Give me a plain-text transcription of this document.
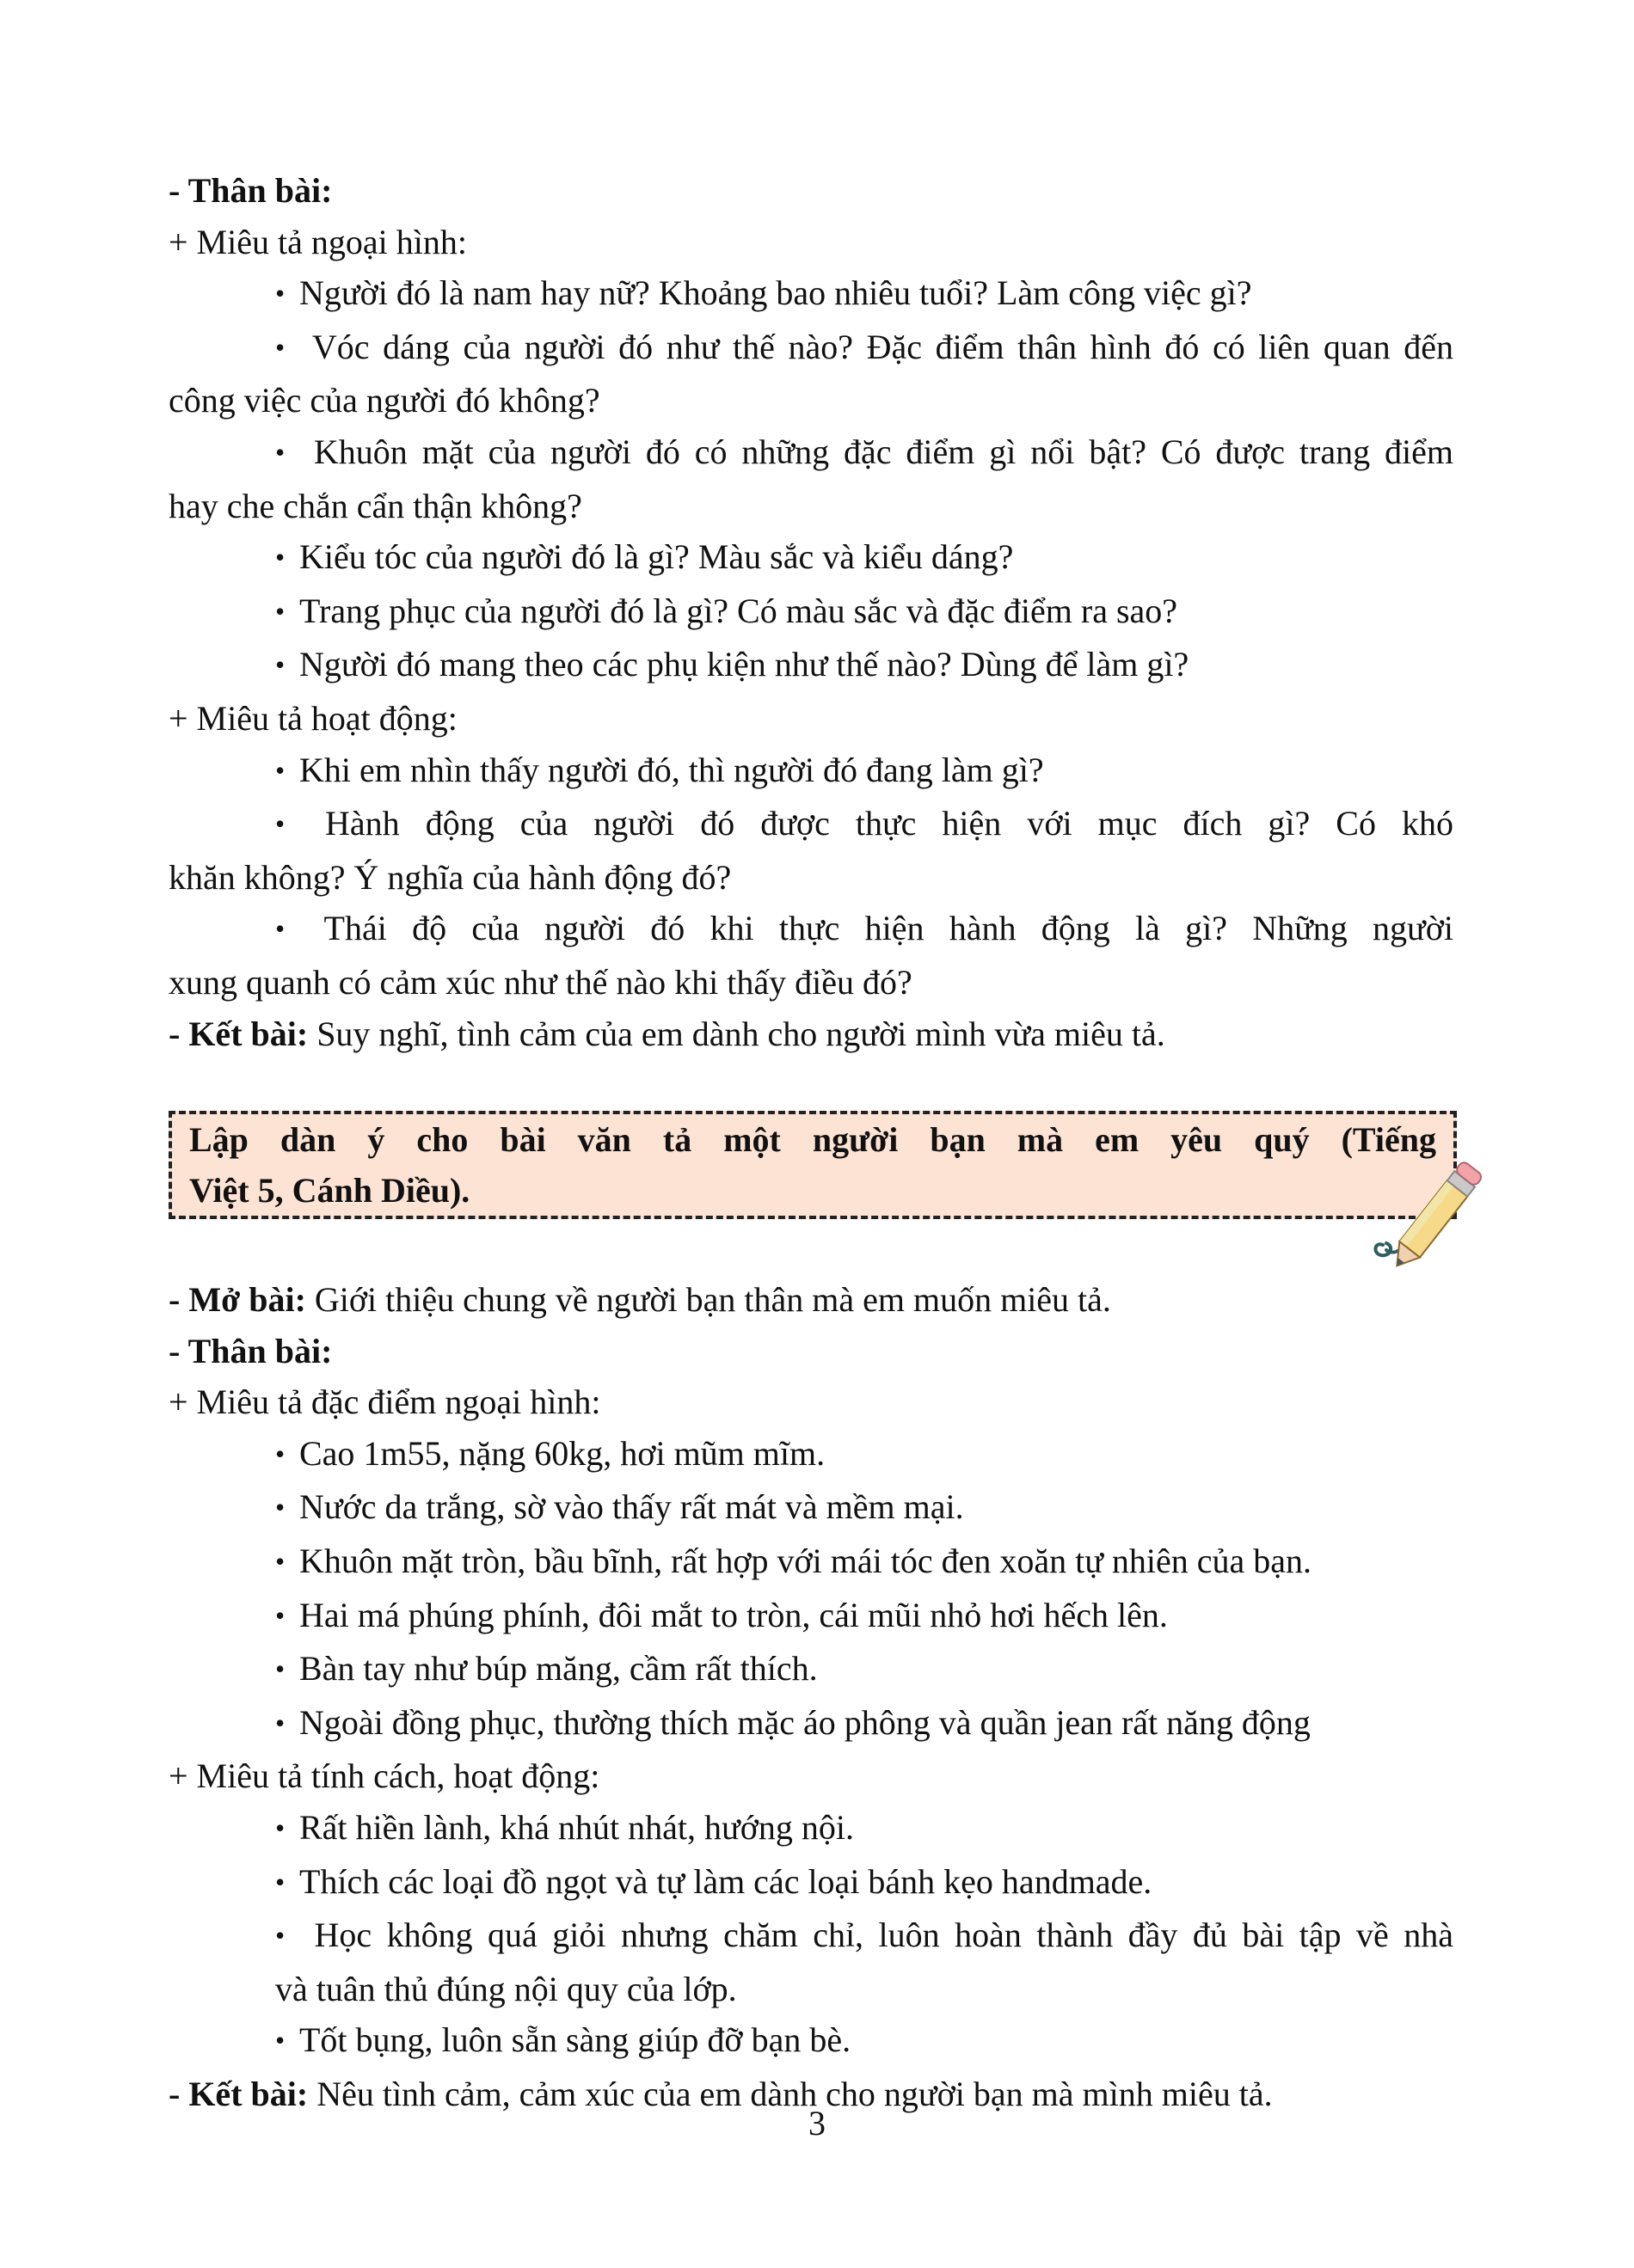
- Thân bài:
+ Miêu tả ngoại hình:
• Người đó là nam hay nữ? Khoảng bao nhiêu tuổi? Làm công việc gì?
• Vóc dáng của người đó như thế nào? Đặc điểm thân hình đó có liên quan đến
công việc của người đó không?
• Khuôn mặt của người đó có những đặc điểm gì nổi bật? Có được trang điểm
hay che chắn cẩn thận không?
• Kiểu tóc của người đó là gì? Màu sắc và kiểu dáng?
• Trang phục của người đó là gì? Có màu sắc và đặc điểm ra sao?
• Người đó mang theo các phụ kiện như thế nào? Dùng để làm gì?
+ Miêu tả hoạt động:
• Khi em nhìn thấy người đó, thì người đó đang làm gì?
• Hành động của người đó được thực hiện với mục đích gì? Có khó
khăn không? Ý nghĩa của hành động đó?
• Thái độ của người đó khi thực hiện hành động là gì? Những người
xung quanh có cảm xúc như thế nào khi thấy điều đó?
- Kết bài: Suy nghĩ, tình cảm của em dành cho người mình vừa miêu tả.
Lập dàn ý cho bài văn tả một người bạn mà em yêu quý (Tiếng
Việt 5, Cánh Diều).
- Mở bài: Giới thiệu chung về người bạn thân mà em muốn miêu tả.
- Thân bài:
+ Miêu tả đặc điểm ngoại hình:
• Cao 1m55, nặng 60kg, hơi mũm mĩm.
• Nước da trắng, sờ vào thấy rất mát và mềm mại.
• Khuôn mặt tròn, bầu bĩnh, rất hợp với mái tóc đen xoăn tự nhiên của bạn.
• Hai má phúng phính, đôi mắt to tròn, cái mũi nhỏ hơi hếch lên.
• Bàn tay như búp măng, cầm rất thích.
• Ngoài đồng phục, thường thích mặc áo phông và quần jean rất năng động
+ Miêu tả tính cách, hoạt động:
• Rất hiền lành, khá nhút nhát, hướng nội.
• Thích các loại đồ ngọt và tự làm các loại bánh kẹo handmade.
• Học không quá giỏi nhưng chăm chỉ, luôn hoàn thành đầy đủ bài tập về nhà
và tuân thủ đúng nội quy của lớp.
• Tốt bụng, luôn sẵn sàng giúp đỡ bạn bè.
- Kết bài: Nêu tình cảm, cảm xúc của em dành cho người bạn mà mình miêu tả.
3
